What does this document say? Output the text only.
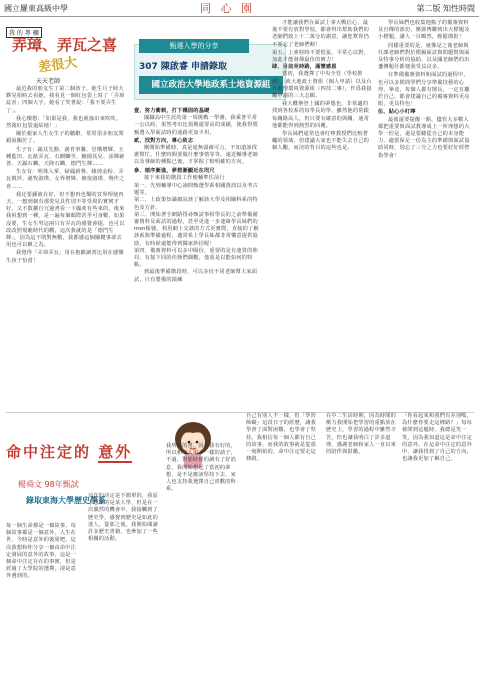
國立羅東高級中學	同 心 園	第二版 知性時間
我 的 專 欄
弄璋、弄瓦之喜
差很大
天天老師

最近我的朋友生了第二個孩子，她生月子時大夥兒相約去看她，我看見一個紅包袋上寫了「弄璋誌喜」四個大字，她看了笑著說：「我不要弄生了」。

我心懷想：「如果是我，我也就抽出來吹吹，然後紅包袋還給她！」

關於親家人生女生子的聽辭，常常很多朋友問錯說關於了。

生子有：錫其先勳、誕育寧馨、堂構增輝、玉種藍田、瓦紙弄瓦、石麒麟至、楠園其兒、添輝慈善、天錫石麟、天降石麟、德門生輝……

生女有：明珠入掌、掃鳳新鶯、緣掉金粉、弄瓦徵祥、誕牧淑瑛、女界增輝、饒悅淑瑛、鶯作之喜……

我比要鍾就在好，但不想再也鑿的冥界理使再天，一想到個有那愛兒具性別不等受現的實實才好，又不散擴自冗過書看一下國產有些來的，後來我祝想到一種，是一遍每個顏際甚至可身數，如果沒要，生女生男這兩只有弄瓦的感覺會提，也可以改改照規範時代的觀，這次我就的是「德門生輝」，因為這不則對無數，我都感這個關鍵事卻去用也可以稱之為。

我覺得「弄璋弄瓦」用在抱歉讀書比用在感慨生孩子恰當！

甄選入學的分享
307 陳啟睿 申請錄取
國立政治大學地政系土地資源組
壹、努力衝刺，打下穩固的基礎

國職高中生涯的第一項挑戰一學測，我乘著平常一公以約，果然考出比預期還要高的成績，使我得獎甄選入學面試時的通路更加平坦。

貳、找對方向，專心致志

剛開始準備時，真是毫無頭緒可言，不知道該找誰幫忙，什麼時間要做什麼事情等等。遠近輔導老師以及導師的種點已後，才掌握了較明確的方向。

參、循序漸進，夢想漸顯近在咫尺

接下來我的階段工作便輔準往前行

第一、先到輔導中心詢問甄選學系相關資訊以及考古題等。
第二、上政策知識網站該了解該大學及相關科系的特色及方針。
第三、開始著手網路授尋甄試事相學長的之前準備備審資料及面試的過程，甚至更進一步連絡學長姊們的msn帳號，利用網上交談的方式更實際，直接的了解該系與準備過程，邁常系上學長姊都非常樂意提供協助，有時候還能得到獨家妙招呢！
第四、備審資料可以多中陽份，重要的是有連貫的佈局，有接下同的佳節們偶數，他重是以能如何的特點。

到最後準備階段時，可以多份不同老師幫大家面試，只有製備的演練

才能讓我們在面試上拿大戰信心。最後不要有放對學校，都會得出幫助我們的老師們致上十二萬分的謝意，讓您幫你仍不要忘了老師們喔！

第五、上素特時不要慌張，平常心以對，加此才能發揮最佳的實力！
肆、目前亮時路，滿懷感恩

當初，我選擇了中央全管（學校推薦），政大地政土資組（個人申請）以及台大地理環境資源組（四技二專），作爲我接觸申請的三大志願。

我大概辦登上國的夢想也，非常適的找到各校系的每學長的學，雖然他的常跟每關路高人，但只要有確意的與關，通常他都能得到熱烈的回覆。

學長姊們通常也會叮嚀教授們比較蒼蠅的領域，但建議大家也不能失去自己的個人觀，而決的背目的這些也是。

學長姊們也收集他點子的備審資料及自傳的部份，壓節博聯到出大標題及小標題，讓人一目瞭然，輕鬆簡批！

同樣重要的是，就像是之後老師與任課老師們對於模擬面試與問題幫與面及特事分析的協助，以及國老師們的出盞傳題任都便我受益良多。

在準備備審資料和面試的過程中，也可以多問問學們分享準備技藝的心得，畢竟，每個人都有擅長，一定有屬於自己，都會建議自己的備審資料更亮眼，更具特色！

伍、貼心小叮嚀

最後還要提醒一點，儘管大多數人都把重要與面試教導成上一所理想的大學一但是，還是要聽從自己的本身能力，適當保足一份為主的準備與面試協助同時，別忘了三分之力也要好好經營指學會！

命中注定的 意外
楊舜文 98年甄試
錄取東海大學歷史學系
每一個生命都是一個故事，每個故事都是一個意外，人生在世，今時是意外的後果吧。這次我想和你分享一個由命中注定發展的意外的故事，這是一個命中注定存在的事實，但是經過了大學院的選擇，卻是意外遇到的。
這次的決定是不簡單的，我原本想讀的是某大學，但是在一次偶然的機會中，我接觸到了歷史學，感覺到歷史是如此的迷人。從那之後，我開始閱讀許多歷史書籍，也參加了一些相關的活動。
我所讀的書，因為我有好的，所以和別人用不一樣的請子，不過，對那時候的讀有了好消息，我開始想起了當初的夢想，是不是應該堅持下去，家人也支持我選擇自己喜歡的科系。
自己有別人不一樣，但「學習障礙」這段日子的經歷，讓我學會了面對困難，也學會了堅持。我相信每一個人都有自己的故事，而我的故事就是從那一刻開始的，命中注定要走這條路。
在中二生活時期，因為時間的壓力我開始把學習的重點放在歷史上，學習的過程中雖然辛苦，但也讓我明白了許多道理，感謝老師和家人一直以來的陪伴與鼓勵。
「你看起來和我們有差別嗎，為什麼你要走這條路？」每每被問到這題時，我總是笑一笑，因為我知道這是命中注定的意外。在這命中注定的意外中，讓我找到了自己的方向，也讓我更加了解自己。
